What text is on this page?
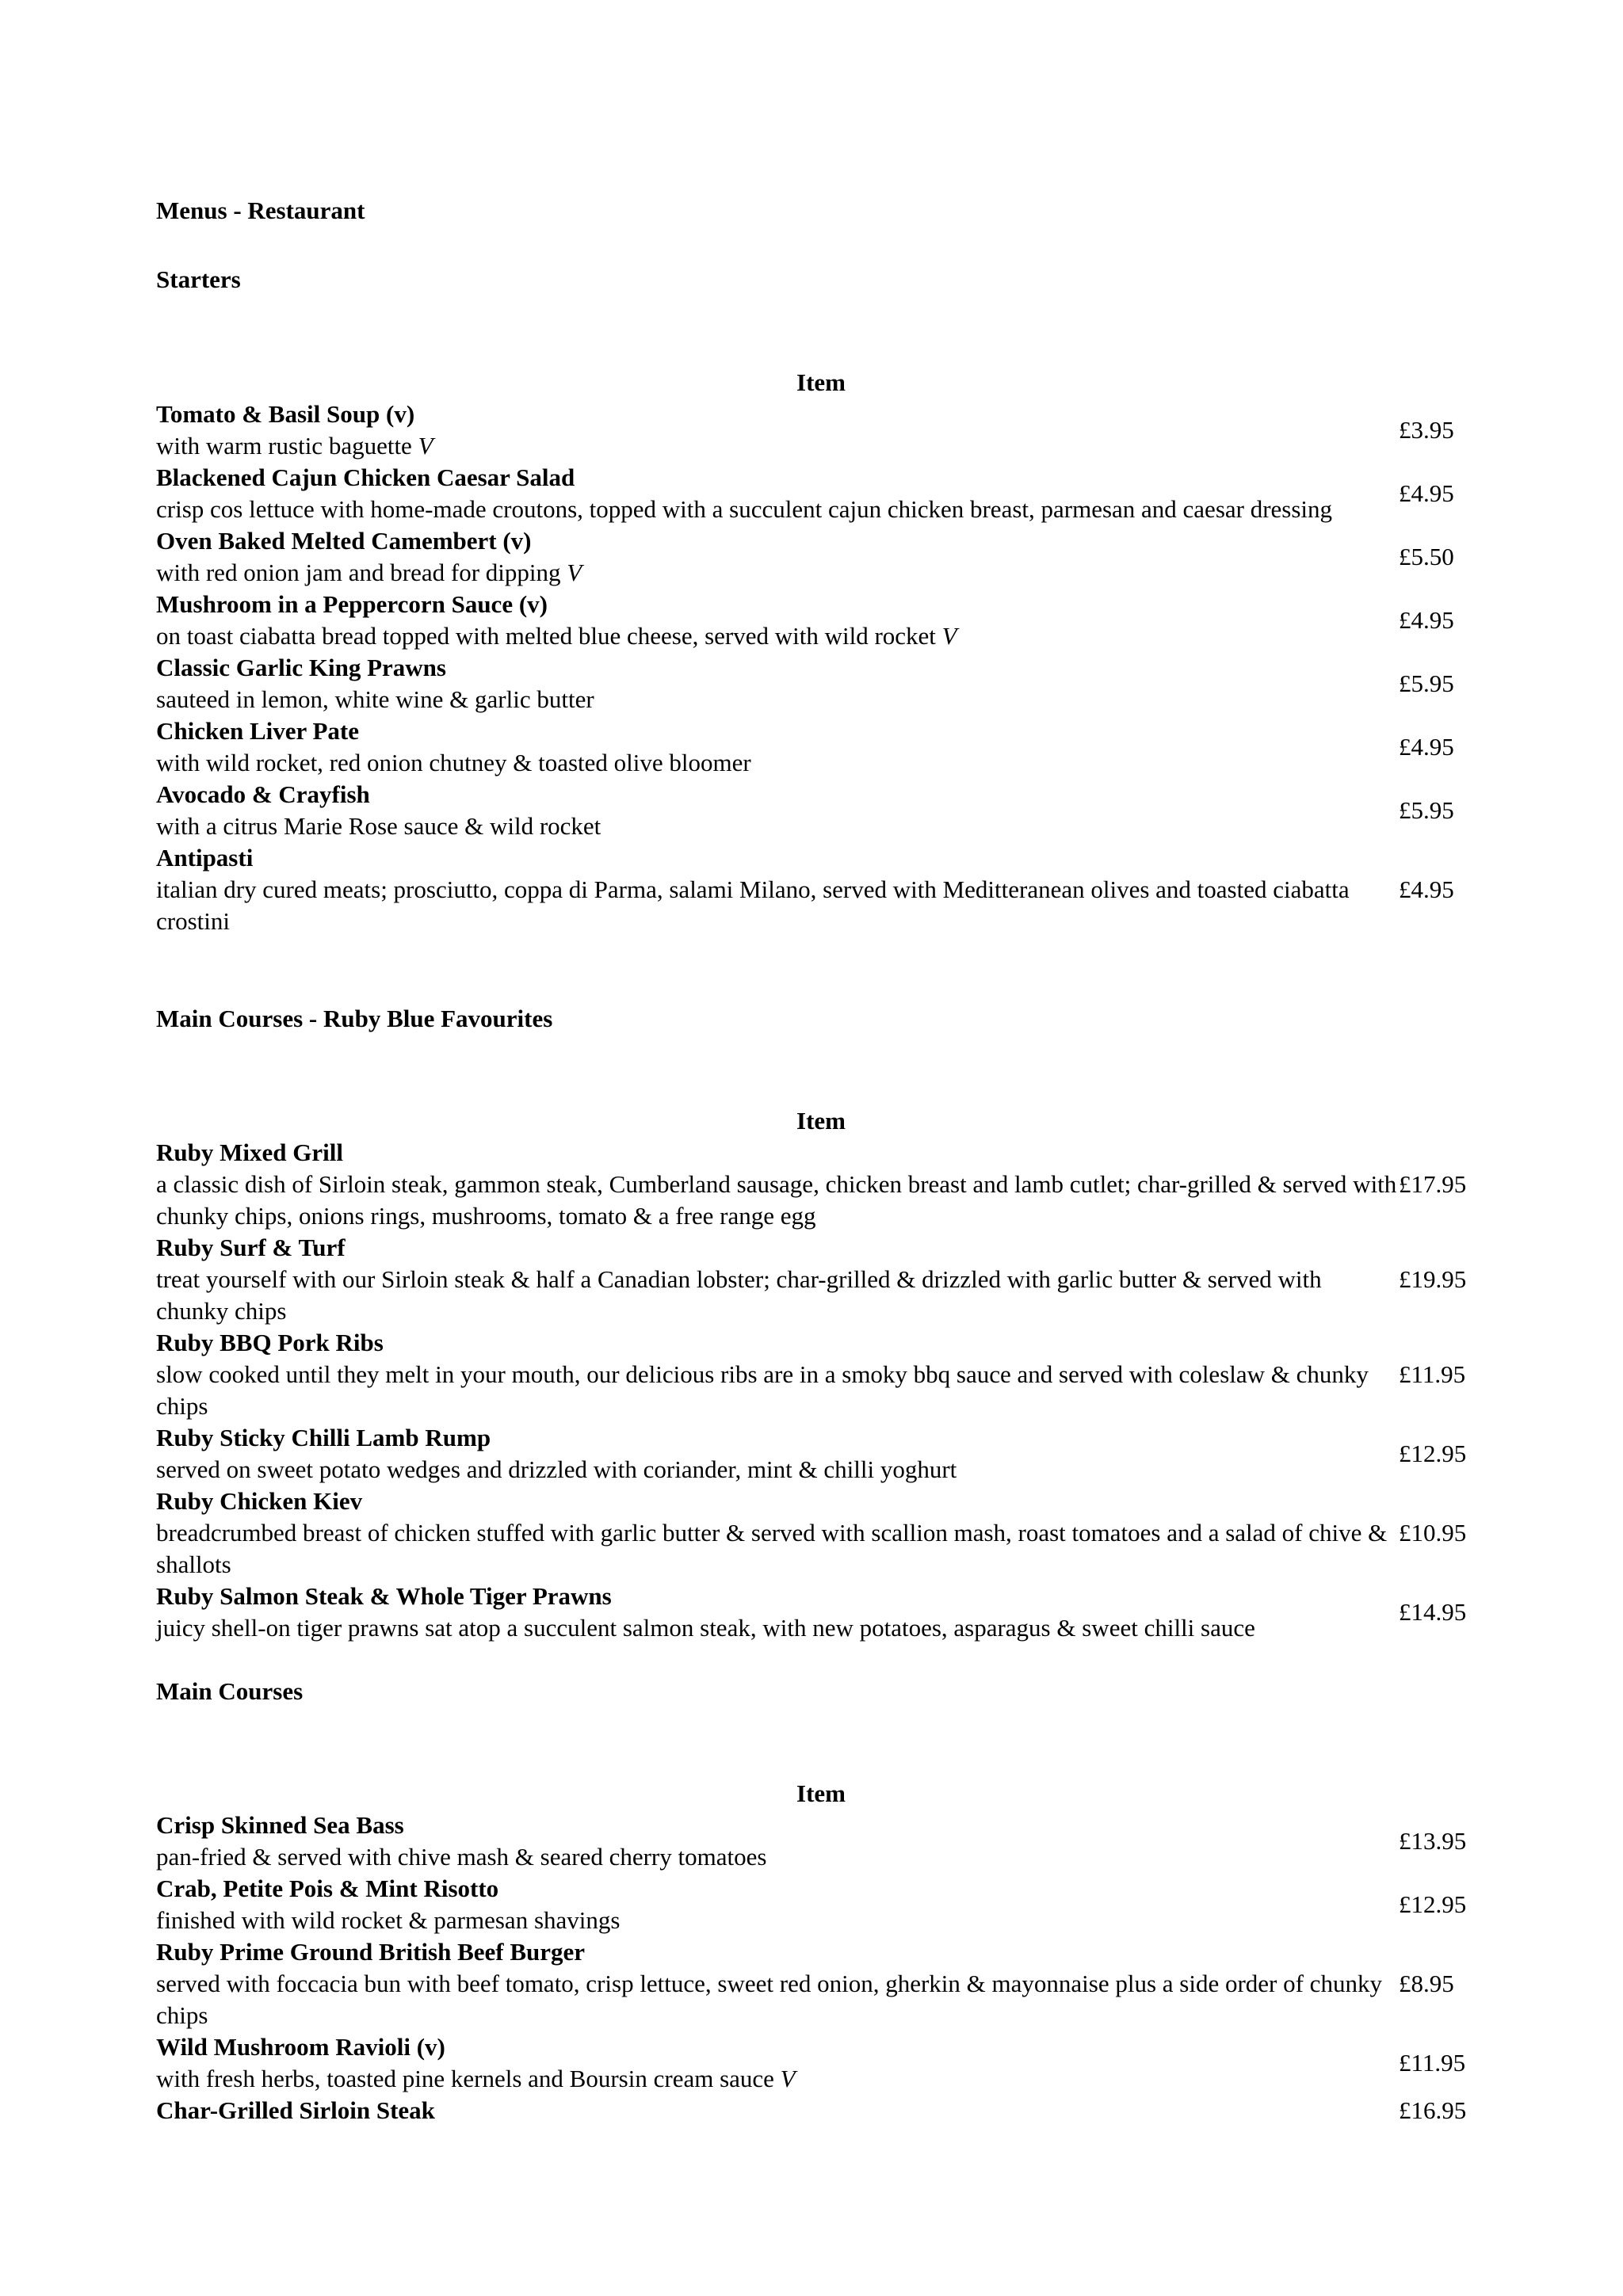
Menus - Restaurant
Starters
Item
Tomato & Basil Soup (v)
with warm rustic baguette V
£3.95
Blackened Cajun Chicken Caesar Salad
crisp cos lettuce with home-made croutons, topped with a succulent cajun chicken breast, parmesan and caesar dressing
£4.95
Oven Baked Melted Camembert (v)
with red onion jam and bread for dipping V
£5.50
Mushroom in a Peppercorn Sauce (v)
on toast ciabatta bread topped with melted blue cheese, served with wild rocket V
£4.95
Classic Garlic King Prawns
sauteed in lemon, white wine & garlic butter
£5.95
Chicken Liver Pate
with wild rocket, red onion chutney & toasted olive bloomer
£4.95
Avocado & Crayfish
with a citrus Marie Rose sauce & wild rocket
£5.95
Antipasti
italian dry cured meats; prosciutto, coppa di Parma, salami Milano, served with Meditteranean olives and toasted ciabatta crostini
£4.95
Main Courses - Ruby Blue Favourites
Item
Ruby Mixed Grill
a classic dish of Sirloin steak, gammon steak, Cumberland sausage, chicken breast and lamb cutlet; char-grilled & served with chunky chips, onions rings, mushrooms, tomato & a free range egg
£17.95
Ruby Surf & Turf
treat yourself with our Sirloin steak & half a Canadian lobster; char-grilled & drizzled with garlic butter & served with chunky chips
£19.95
Ruby BBQ Pork Ribs
slow cooked until they melt in your mouth, our delicious ribs are in a smoky bbq sauce and served with coleslaw & chunky chips
£11.95
Ruby Sticky Chilli Lamb Rump
served on sweet potato wedges and drizzled with coriander, mint & chilli yoghurt
£12.95
Ruby Chicken Kiev
breadcrumbed breast of chicken stuffed with garlic butter & served with scallion mash, roast tomatoes and a salad of chive & shallots
£10.95
Ruby Salmon Steak & Whole Tiger Prawns
juicy shell-on tiger prawns sat atop a succulent salmon steak, with new potatoes, asparagus & sweet chilli sauce
£14.95
Main Courses
Item
Crisp Skinned Sea Bass
pan-fried & served with chive mash & seared cherry tomatoes
£13.95
Crab, Petite Pois & Mint Risotto
finished with wild rocket & parmesan shavings
£12.95
Ruby Prime Ground British Beef Burger
served with foccacia bun with beef tomato, crisp lettuce, sweet red onion, gherkin & mayonnaise plus a side order of chunky chips
£8.95
Wild Mushroom Ravioli (v)
with fresh herbs, toasted pine kernels and Boursin cream sauce V
£11.95
Char-Grilled Sirloin Steak	£16.95
